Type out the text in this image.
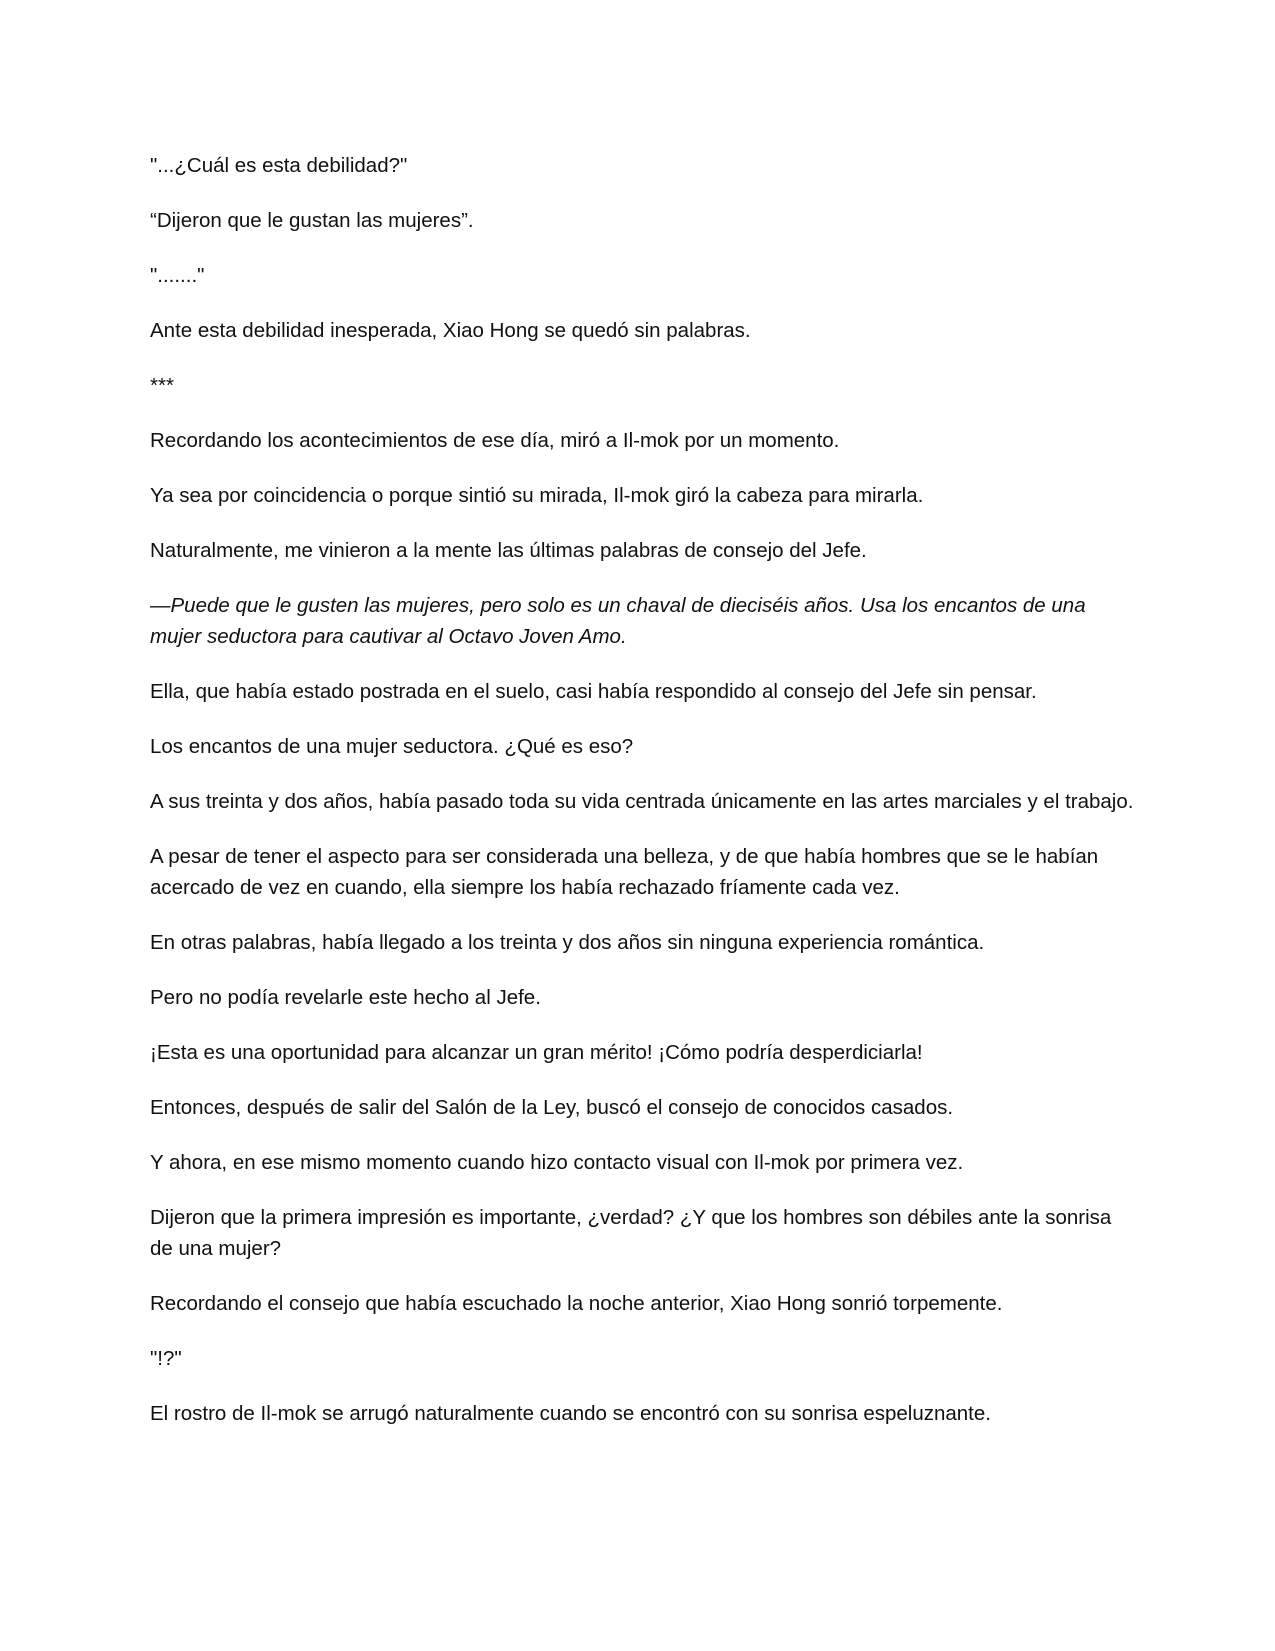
"...¿Cuál es esta debilidad?"

“Dijeron que le gustan las mujeres”.

"......."

Ante esta debilidad inesperada, Xiao Hong se quedó sin palabras.

***

Recordando los acontecimientos de ese día, miró a Il-mok por un momento.

Ya sea por coincidencia o porque sintió su mirada, Il-mok giró la cabeza para mirarla.

Naturalmente, me vinieron a la mente las últimas palabras de consejo del Jefe.

—Puede que le gusten las mujeres, pero solo es un chaval de dieciséis años. Usa los encantos de una mujer seductora para cautivar al Octavo Joven Amo.

Ella, que había estado postrada en el suelo, casi había respondido al consejo del Jefe sin pensar.

Los encantos de una mujer seductora. ¿Qué es eso?

A sus treinta y dos años, había pasado toda su vida centrada únicamente en las artes marciales y el trabajo.

A pesar de tener el aspecto para ser considerada una belleza, y de que había hombres que se le habían acercado de vez en cuando, ella siempre los había rechazado fríamente cada vez.

En otras palabras, había llegado a los treinta y dos años sin ninguna experiencia romántica.

Pero no podía revelarle este hecho al Jefe.

¡Esta es una oportunidad para alcanzar un gran mérito! ¡Cómo podría desperdiciarla!

Entonces, después de salir del Salón de la Ley, buscó el consejo de conocidos casados.

Y ahora, en ese mismo momento cuando hizo contacto visual con Il-mok por primera vez.

Dijeron que la primera impresión es importante, ¿verdad? ¿Y que los hombres son débiles ante la sonrisa de una mujer?

Recordando el consejo que había escuchado la noche anterior, Xiao Hong sonrió torpemente.

"!?"

El rostro de Il-mok se arrugó naturalmente cuando se encontró con su sonrisa espeluznante.
